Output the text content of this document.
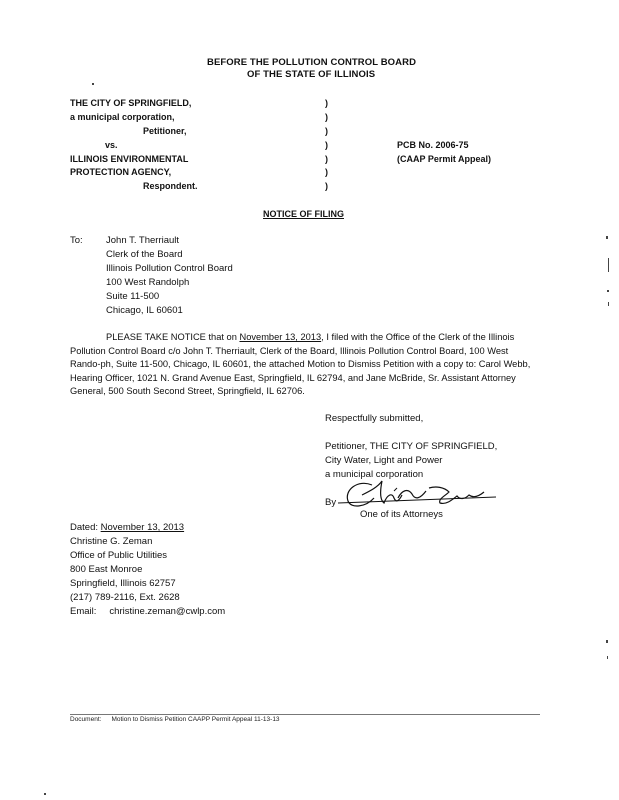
BEFORE THE POLLUTION CONTROL BOARD
OF THE STATE OF ILLINOIS
THE CITY OF SPRINGFIELD,
a municipal corporation,
Petitioner,
vs.
ILLINOIS ENVIRONMENTAL
PROTECTION AGENCY,
Respondent.
)
)
)
)
)
)
)
PCB No. 2006-75
(CAAP Permit Appeal)
NOTICE OF FILING
To: John T. Therriault
Clerk of the Board
Illinois Pollution Control Board
100 West Randolph
Suite 11-500
Chicago, IL 60601
PLEASE TAKE NOTICE that on November 13, 2013, I filed with the Office of the Clerk of the Illinois Pollution Control Board c/o John T. Therriault, Clerk of the Board, Illinois Pollution Control Board, 100 West Rando-ph, Suite 11-500, Chicago, IL 60601, the attached Motion to Dismiss Petition with a copy to: Carol Webb, Hearing Officer, 1021 N. Grand Avenue East, Springfield, IL 62794, and Jane McBride, Sr. Assistant Attorney General, 500 South Second Street, Springfield, IL 62706.
Respectfully submitted,
Petitioner, THE CITY OF SPRINGFIELD,
City Water, Light and Power
a municipal corporation
By
One of its Attorneys
Dated: November 13, 2013
Christine G. Zeman
Office of Public Utilities
800 East Monroe
Springfield, Illinois 62757
(217) 789-2116, Ext. 2628
Email: christine.zeman@cwlp.com
Document: Motion to Dismiss Petition CAAPP Permit Appeal 11-13-13
